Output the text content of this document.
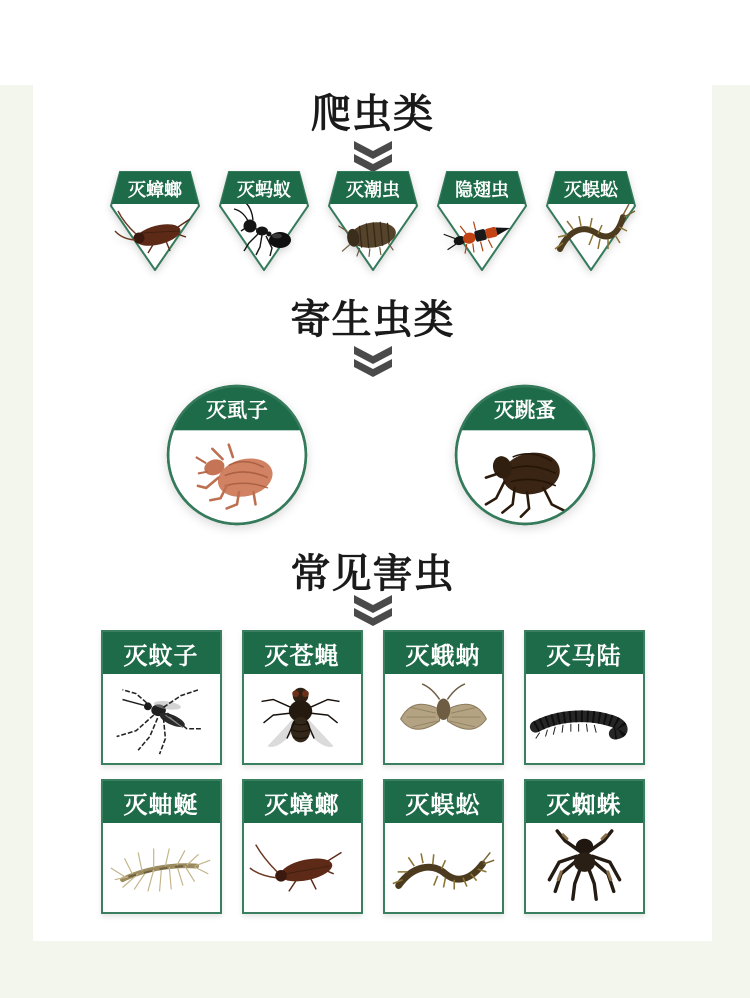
爬虫类
灭蟑螂	灭蚂蚁	灭潮虫	隐翅虫	灭蜈蚣
寄生虫类
灭虱子	灭跳蚤
常见害虫
灭蚊子	灭苍蝇	灭蛾蚋	灭马陆
灭蚰蜒	灭蟑螂	灭蜈蚣	灭蜘蛛
